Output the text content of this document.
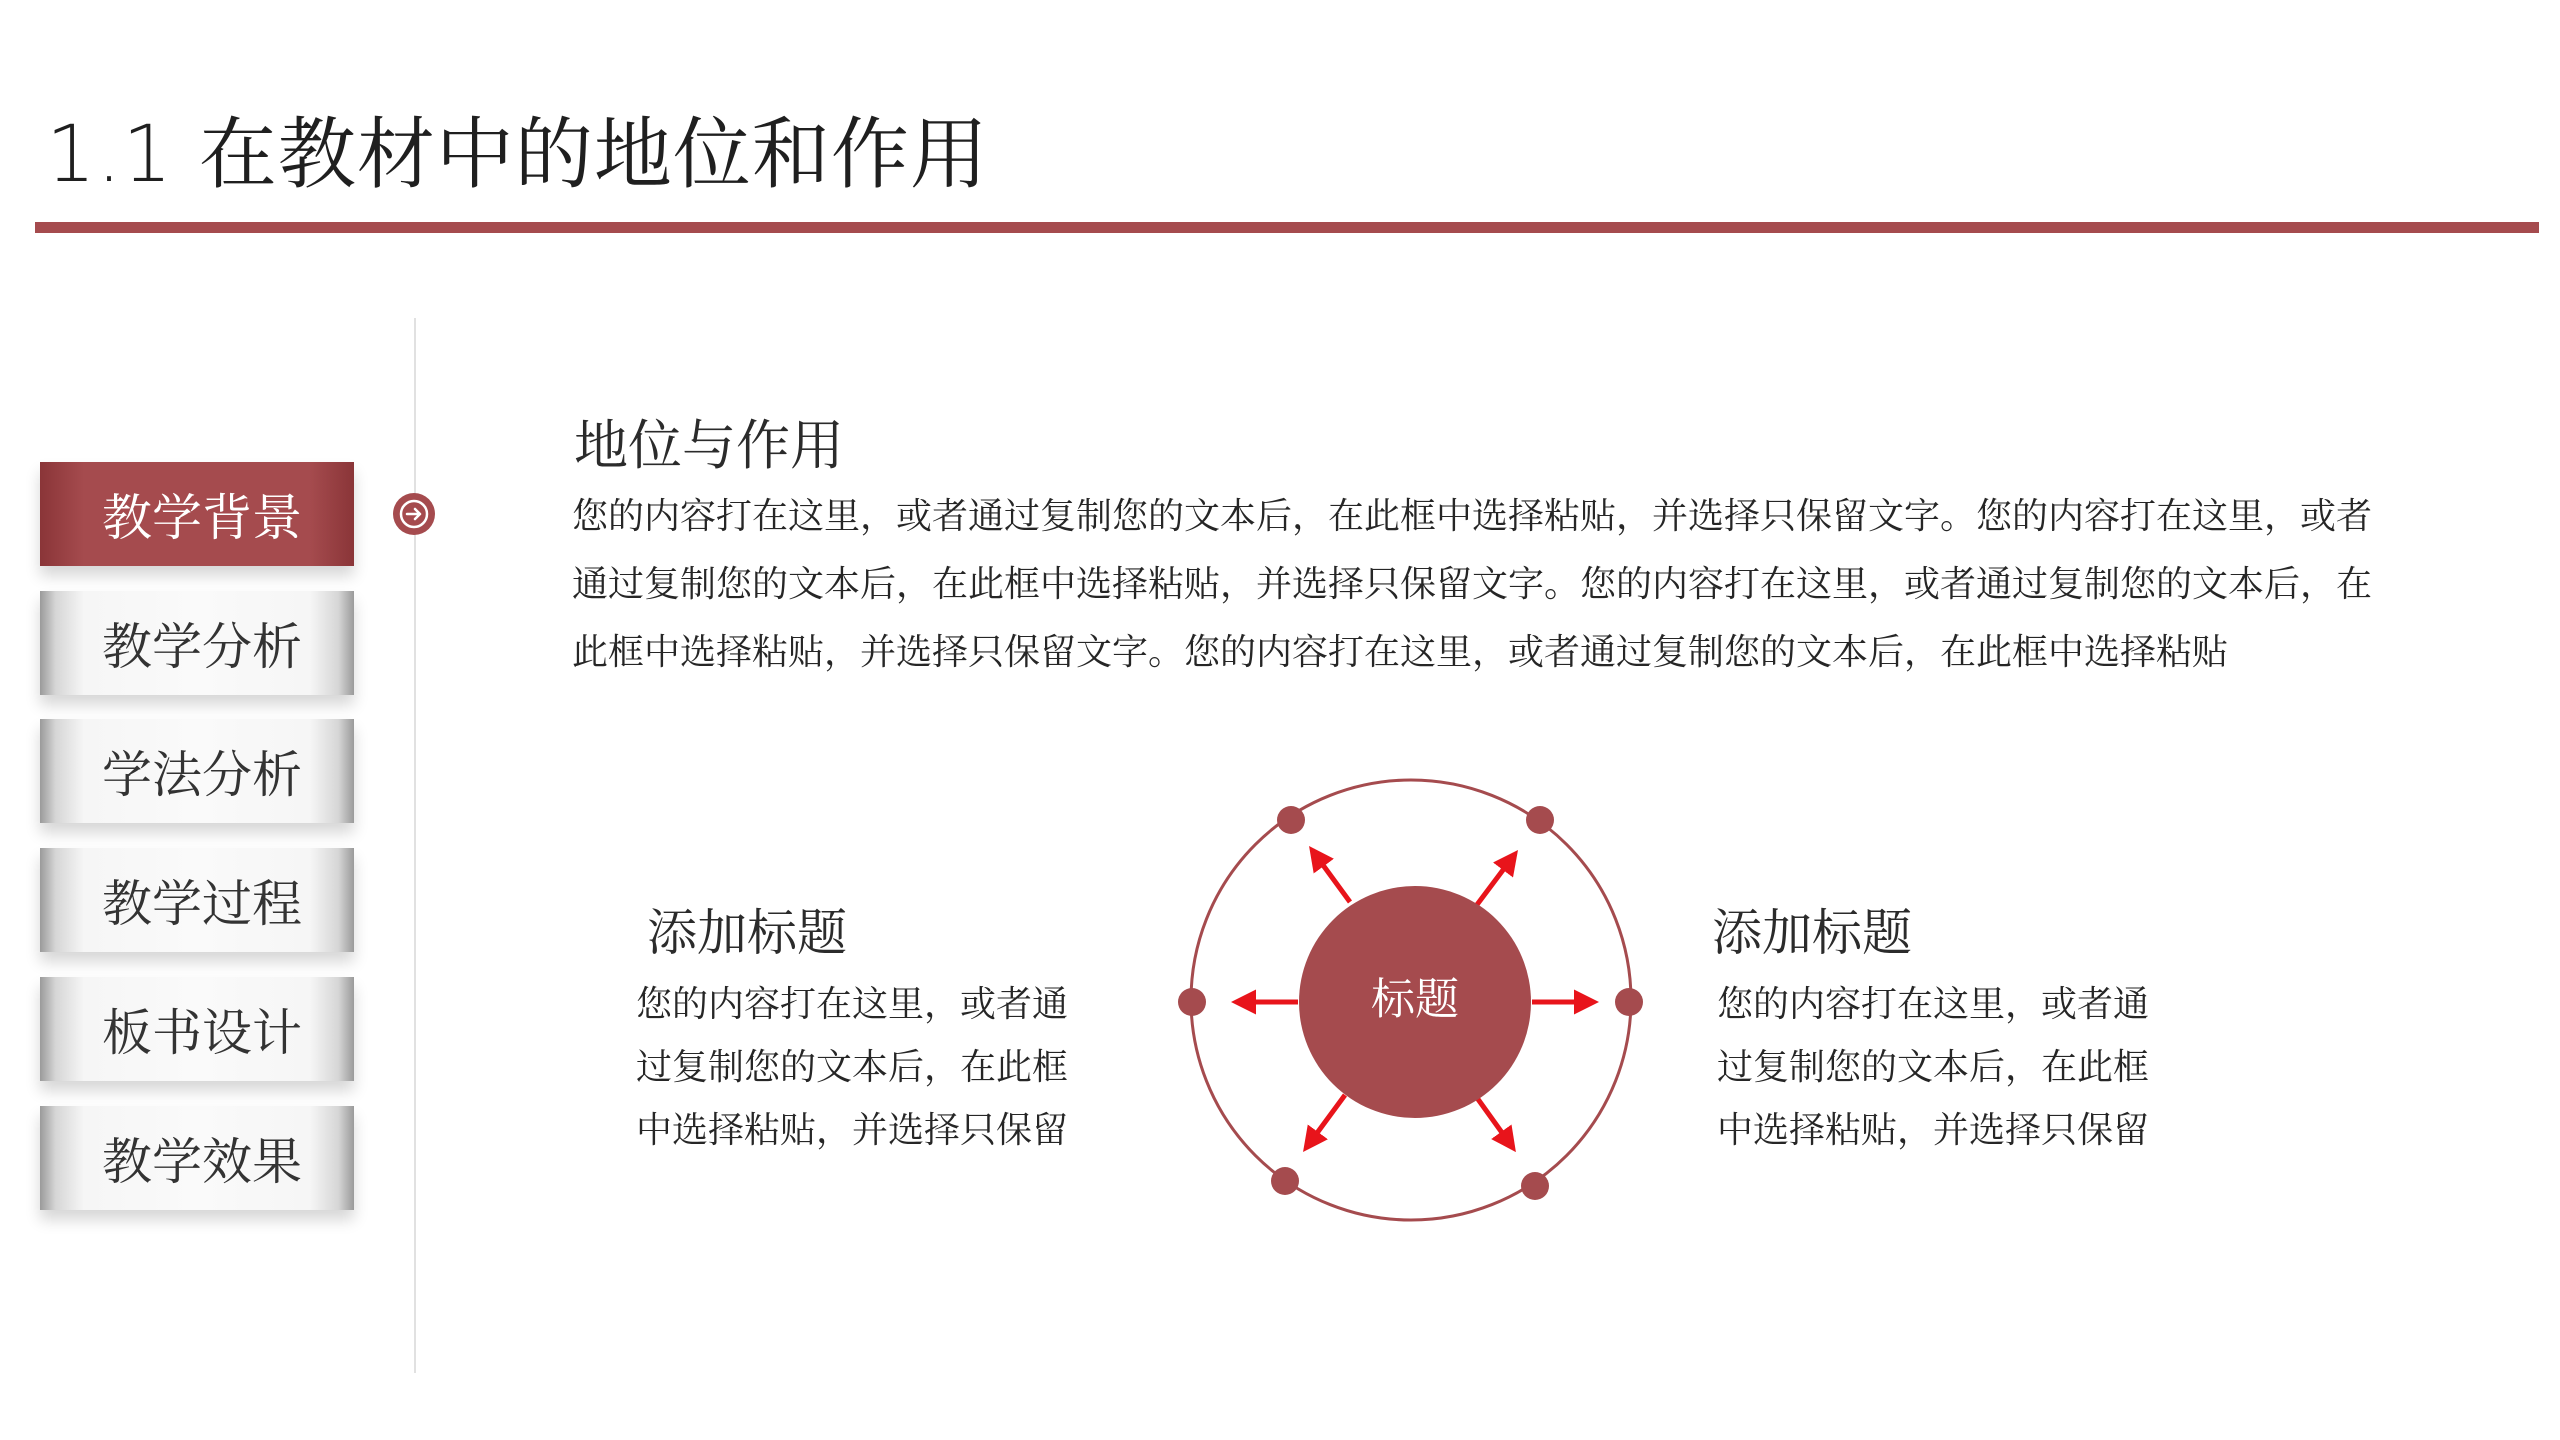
1.1 在教材中的地位和作用
教学背景
教学分析
学法分析
教学过程
板书设计
教学效果
地位与作用

您的内容打在这里，或者通过复制您的文本后，在此框中选择粘贴，并选择只保留文字。您的内容打在这里，或者

通过复制您的文本后，在此框中选择粘贴，并选择只保留文字。您的内容打在这里，或者通过复制您的文本后，在

此框中选择粘贴，并选择只保留文字。您的内容打在这里，或者通过复制您的文本后，在此框中选择粘贴

添加标题

您的内容打在这里，或者通

过复制您的文本后，在此框

中选择粘贴，并选择只保留

添加标题

您的内容打在这里，或者通

过复制您的文本后，在此框

中选择粘贴，并选择只保留

标题
